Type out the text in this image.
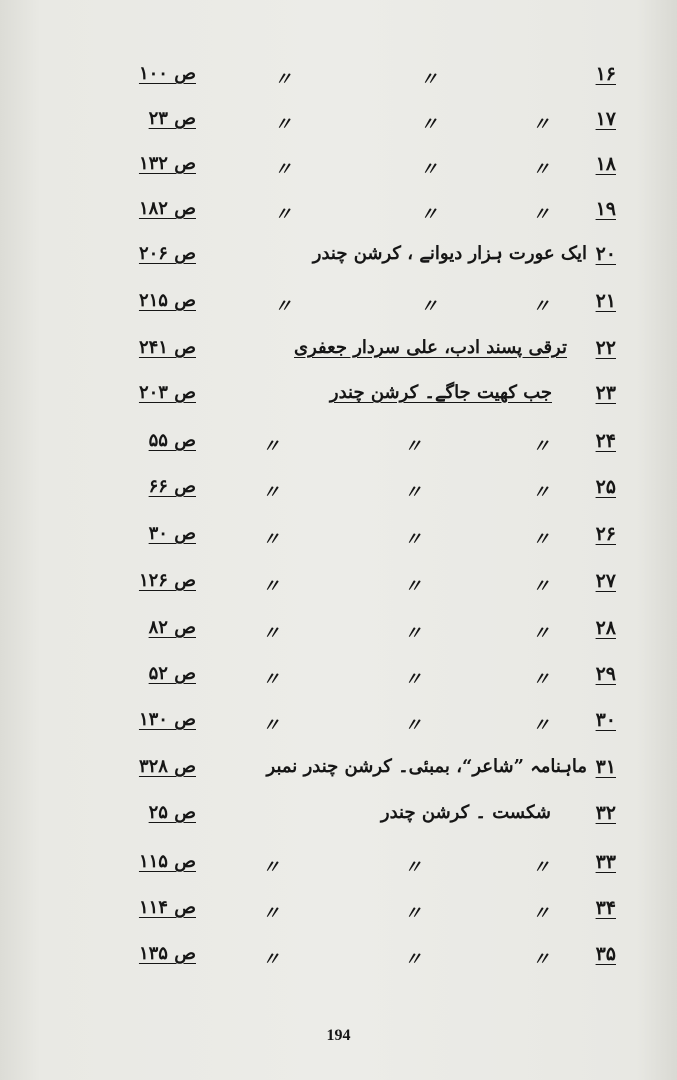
۱۶
〃
〃
ص ۱۰۰
۱۷
〃
〃
〃
ص ۲۳
۱۸
〃
〃
〃
ص ۱۳۲
۱۹
〃
〃
〃
ص ۱۸۲
۲۰
ایک عورت ہزار دیوانے ، کرشن چندر
ص ۲۰۶
۲۱
〃
〃
〃
ص ۲۱۵
۲۲
ترقی پسند ادب، علی سردار جعفری
ص ۲۴۱
۲۳
جب کھیت جاگے۔ کرشن چندر
ص ۲۰۳
۲۴
〃
〃
〃
ص ۵۵
۲۵
〃
〃
〃
ص ۶۶
۲۶
〃
〃
〃
ص ۳۰
۲۷
〃
〃
〃
ص ۱۲۶
۲۸
〃
〃
〃
ص ۸۲
۲۹
〃
〃
〃
ص ۵۲
۳۰
〃
〃
〃
ص ۱۳۰
۳۱
ماہنامہ ”شاعر“، بمبئی۔ کرشن چندر نمبر
ص ۳۲۸
۳۲
شکست ۔ کرشن چندر
ص ۲۵
۳۳
〃
〃
〃
ص ۱۱۵
۳۴
〃
〃
〃
ص ۱۱۴
۳۵
〃
〃
〃
ص ۱۳۵
194
